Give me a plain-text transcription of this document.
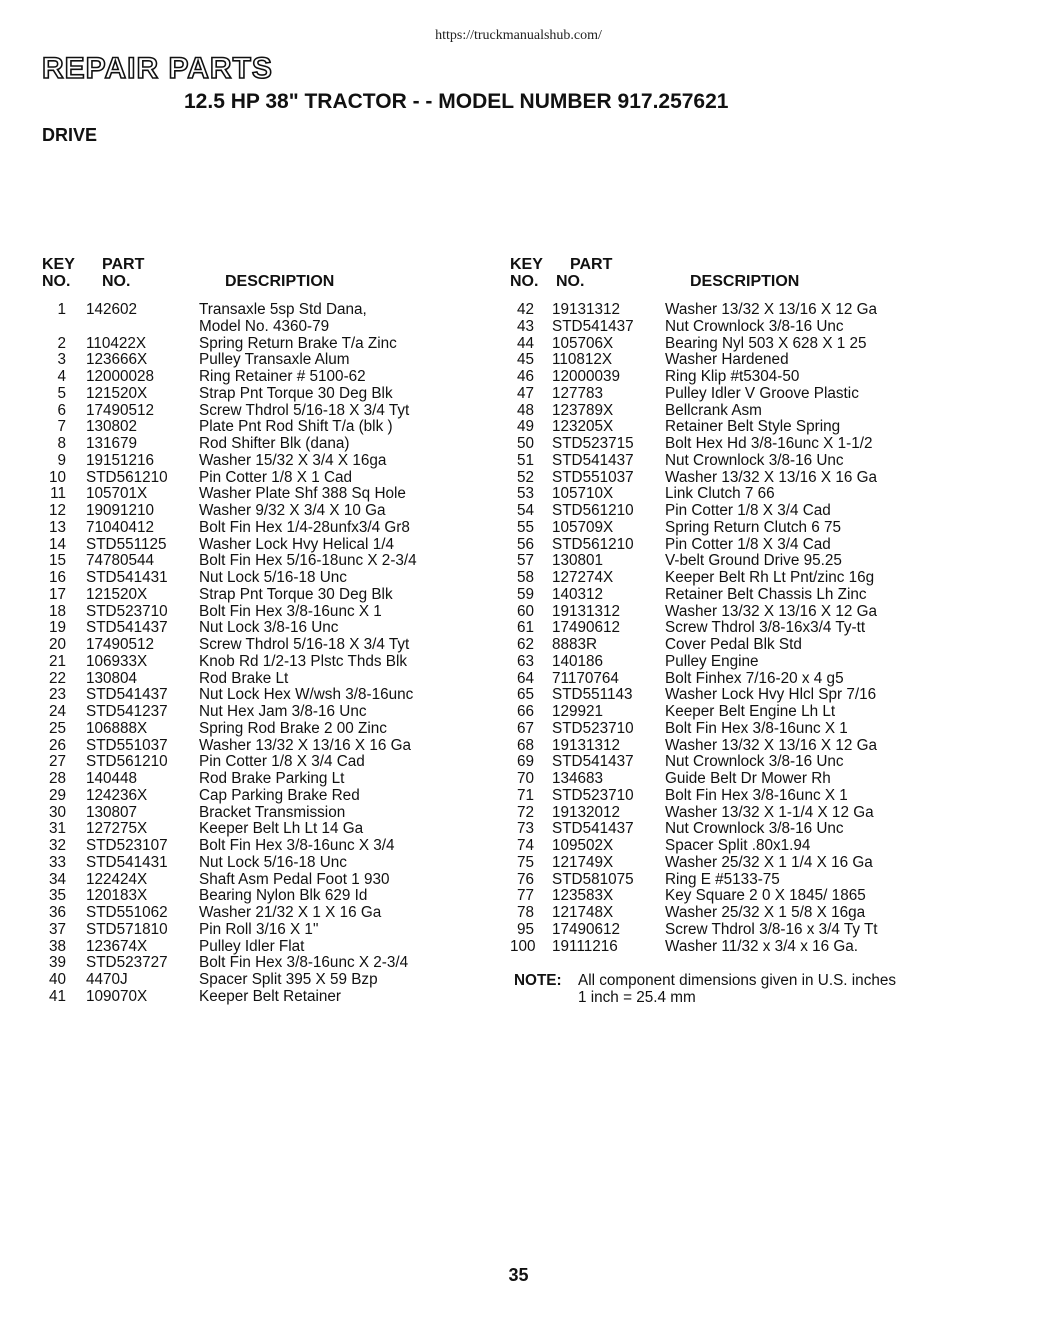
https://truckmanualshub.com/
REPAIR PARTS
12.5 HP 38" TRACTOR - - MODEL NUMBER 917.257621
DRIVE
KEY
NO.
PART
NO.	DESCRIPTION
1 142602	Transaxle 5sp Std Dana,
Model No. 4360-79
2 110422X	Spring Return Brake T/a Zinc
3 123666X	Pulley Transaxle Alum
4 12000028	Ring Retainer # 5100-62
5 121520X	Strap Pnt Torque 30 Deg Blk
6 17490512	Screw Thdrol 5/16-18 X 3/4 Tyt
7 130802	Plate Pnt Rod Shift T/a (blk )
8 131679	Rod Shifter Blk (dana)
9 19151216	Washer 15/32 X 3/4 X 16ga
10 STD561210 Pin Cotter 1/8 X 1 Cad
11 105701X	Washer Plate Shf 388 Sq Hole
12 19091210	Washer 9/32 X 3/4 X 10 Ga
13 71040412	Bolt Fin Hex 1/4-28unfx3/4 Gr8
14 STD551125 Washer Lock Hvy Helical 1/4
15 74780544	Bolt Fin Hex 5/16-18unc X 2-3/4
16 STD541431 Nut Lock 5/16-18 Unc
17 121520X	Strap Pnt Torque 30 Deg Blk
18 STD523710 Bolt Fin Hex 3/8-16unc X 1
19 STD541437 Nut Lock 3/8-16 Unc
20 17490512	Screw Thdrol 5/16-18 X 3/4 Tyt
21 106933X	Knob Rd 1/2-13 Plstc Thds Blk
22 130804	Rod Brake Lt
23 STD541437 Nut Lock Hex W/wsh 3/8-16unc
24 STD541237 Nut Hex Jam 3/8-16 Unc
25 106888X	Spring Rod Brake 2 00 Zinc
26 STD551037 Washer 13/32 X 13/16 X 16 Ga
27 STD561210 Pin Cotter 1/8 X 3/4 Cad
28 140448	Rod Brake Parking Lt
29 124236X	Cap Parking Brake Red
30 130807	Bracket Transmission
31 127275X	Keeper Belt Lh Lt 14 Ga
32 STD523107 Bolt Fin Hex 3/8-16unc X 3/4
33 STD541431 Nut Lock 5/16-18 Unc
34 122424X	Shaft Asm Pedal Foot 1 930
35 120183X	Bearing Nylon Blk 629 Id
36 STD551062 Washer 21/32 X 1 X 16 Ga
37 STD571810 Pin Roll 3/16 X 1"
38 123674X	Pulley Idler Flat
39 STD523727 Bolt Fin Hex 3/8-16unc X 2-3/4
40 4470J	Spacer Split 395 X 59 Bzp
41 109070X	Keeper Belt Retainer
KEY
NO.
PART
NO.	DESCRIPTION
42 19131312	Washer 13/32 X 13/16 X 12 Ga
43 STD541437 Nut Crownlock 3/8-16 Unc
44 105706X	Bearing Nyl 503 X 628 X 1 25
45 110812X	Washer Hardened
46 12000039	Ring Klip #t5304-50
47 127783	Pulley Idler V Groove Plastic
48 123789X	Bellcrank Asm
49 123205X	Retainer Belt Style Spring
50 STD523715 Bolt Hex Hd 3/8-16unc X 1-1/2
51 STD541437 Nut Crownlock 3/8-16 Unc
52 STD551037 Washer 13/32 X 13/16 X 16 Ga
53 105710X	Link Clutch 7 66
54 STD561210 Pin Cotter 1/8 X 3/4 Cad
55 105709X	Spring Return Clutch 6 75
56 STD561210 Pin Cotter 1/8 X 3/4 Cad
57 130801	V-belt Ground Drive 95.25
58 127274X	Keeper Belt Rh Lt Pnt/zinc 16g
59 140312	Retainer Belt Chassis Lh Zinc
60 19131312	Washer 13/32 X 13/16 X 12 Ga
61 17490612	Screw Thdrol 3/8-16x3/4 Ty-tt
62 8883R	Cover Pedal Blk Std
63 140186	Pulley Engine
64 71170764	Bolt Finhex 7/16-20 x 4 g5
65 STD551143 Washer Lock Hvy Hlcl Spr 7/16
66 129921	Keeper Belt Engine Lh Lt
67 STD523710 Bolt Fin Hex 3/8-16unc X 1
68 19131312	Washer 13/32 X 13/16 X 12 Ga
69 STD541437 Nut Crownlock 3/8-16 Unc
70 134683	Guide Belt Dr Mower Rh
71 STD523710 Bolt Fin Hex 3/8-16unc X 1
72 19132012	Washer 13/32 X 1-1/4 X 12 Ga
73 STD541437 Nut Crownlock 3/8-16 Unc
74 109502X	Spacer Split .80x1.94
75 121749X	Washer 25/32 X 1 1/4 X 16 Ga
76 STD581075 Ring E #5133-75
77 123583X	Key Square 2 0 X 1845/ 1865
78 121748X	Washer 25/32 X 1 5/8 X 16ga
95 17490612	Screw Thdrol 3/8-16 x 3/4 Ty Tt
100 19111216	Washer 11/32 x 3/4 x 16 Ga.
NOTE: All component dimensions given in U.S. inches
1 inch = 25.4 mm
35
